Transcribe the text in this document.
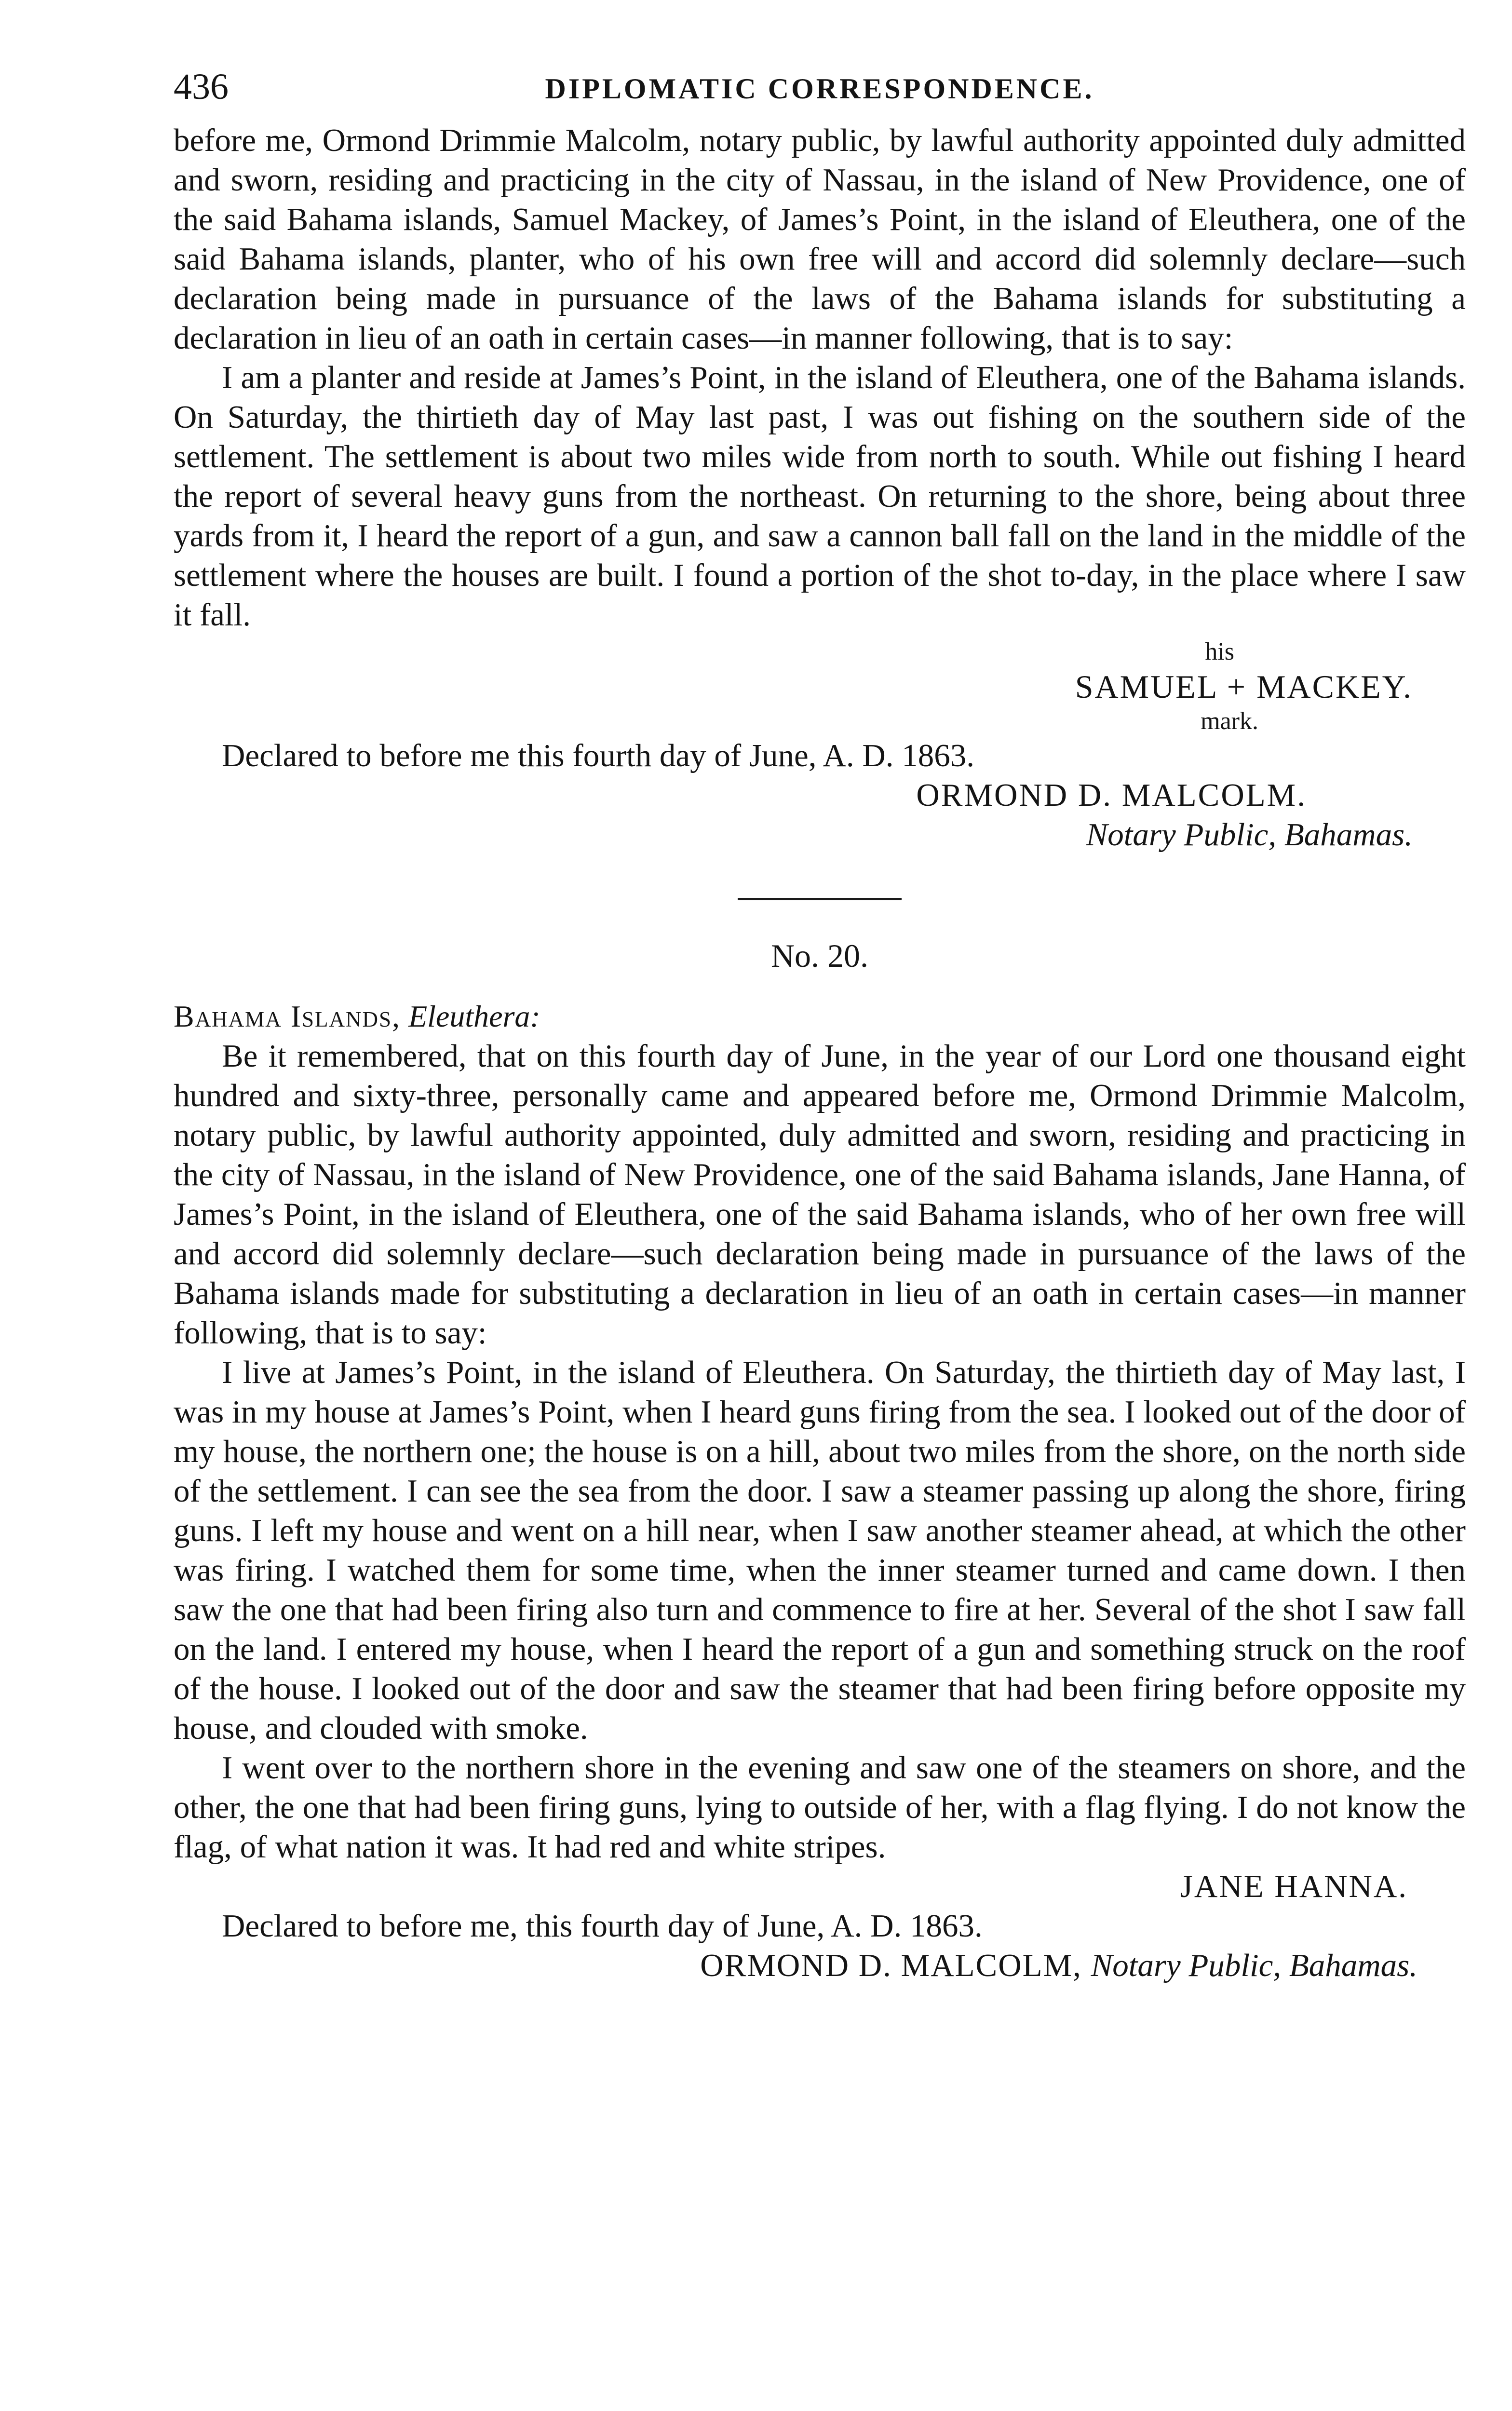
436	DIPLOMATIC CORRESPONDENCE.

before me, Ormond Drimmie Malcolm, notary public, by lawful authority appointed duly admitted and sworn, residing and practicing in the city of Nassau, in the island of New Providence, one of the said Bahama islands, Samuel Mackey, of James’s Point, in the island of Eleuthera, one of the said Bahama islands, planter, who of his own free will and accord did solemnly declare—such declaration being made in pursuance of the laws of the Bahama islands for substituting a declaration in lieu of an oath in certain cases—in manner following, that is to say:

I am a planter and reside at James’s Point, in the island of Eleuthera, one of the Bahama islands. On Saturday, the thirtieth day of May last past, I was out fishing on the southern side of the settlement. The settlement is about two miles wide from north to south. While out fishing I heard the report of several heavy guns from the northeast. On returning to the shore, being about three yards from it, I heard the report of a gun, and saw a cannon ball fall on the land in the middle of the settlement where the houses are built. I found a portion of the shot to-day, in the place where I saw it fall.

his
SAMUEL + MACKEY.
mark.

Declared to before me this fourth day of June, A. D. 1863.

ORMOND D. MALCOLM.

Notary Public, Bahamas.

No. 20.

Bahama Islands, Eleuthera:

Be it remembered, that on this fourth day of June, in the year of our Lord one thousand eight hundred and sixty-three, personally came and appeared before me, Ormond Drimmie Malcolm, notary public, by lawful authority appointed, duly admitted and sworn, residing and practicing in the city of Nassau, in the island of New Providence, one of the said Bahama islands, Jane Hanna, of James’s Point, in the island of Eleuthera, one of the said Bahama islands, who of her own free will and accord did solemnly declare—such declaration being made in pursuance of the laws of the Bahama islands made for substituting a declaration in lieu of an oath in certain cases—in manner following, that is to say:

I live at James’s Point, in the island of Eleuthera. On Saturday, the thirtieth day of May last, I was in my house at James’s Point, when I heard guns firing from the sea. I looked out of the door of my house, the northern one; the house is on a hill, about two miles from the shore, on the north side of the settlement. I can see the sea from the door. I saw a steamer passing up along the shore, firing guns. I left my house and went on a hill near, when I saw another steamer ahead, at which the other was firing. I watched them for some time, when the inner steamer turned and came down. I then saw the one that had been firing also turn and commence to fire at her. Several of the shot I saw fall on the land. I entered my house, when I heard the report of a gun and something struck on the roof of the house. I looked out of the door and saw the steamer that had been firing before opposite my house, and clouded with smoke.

I went over to the northern shore in the evening and saw one of the steamers on shore, and the other, the one that had been firing guns, lying to outside of her, with a flag flying. I do not know the flag, of what nation it was. It had red and white stripes.

JANE HANNA.

Declared to before me, this fourth day of June, A. D. 1863.

ORMOND D. MALCOLM, Notary Public, Bahamas.
